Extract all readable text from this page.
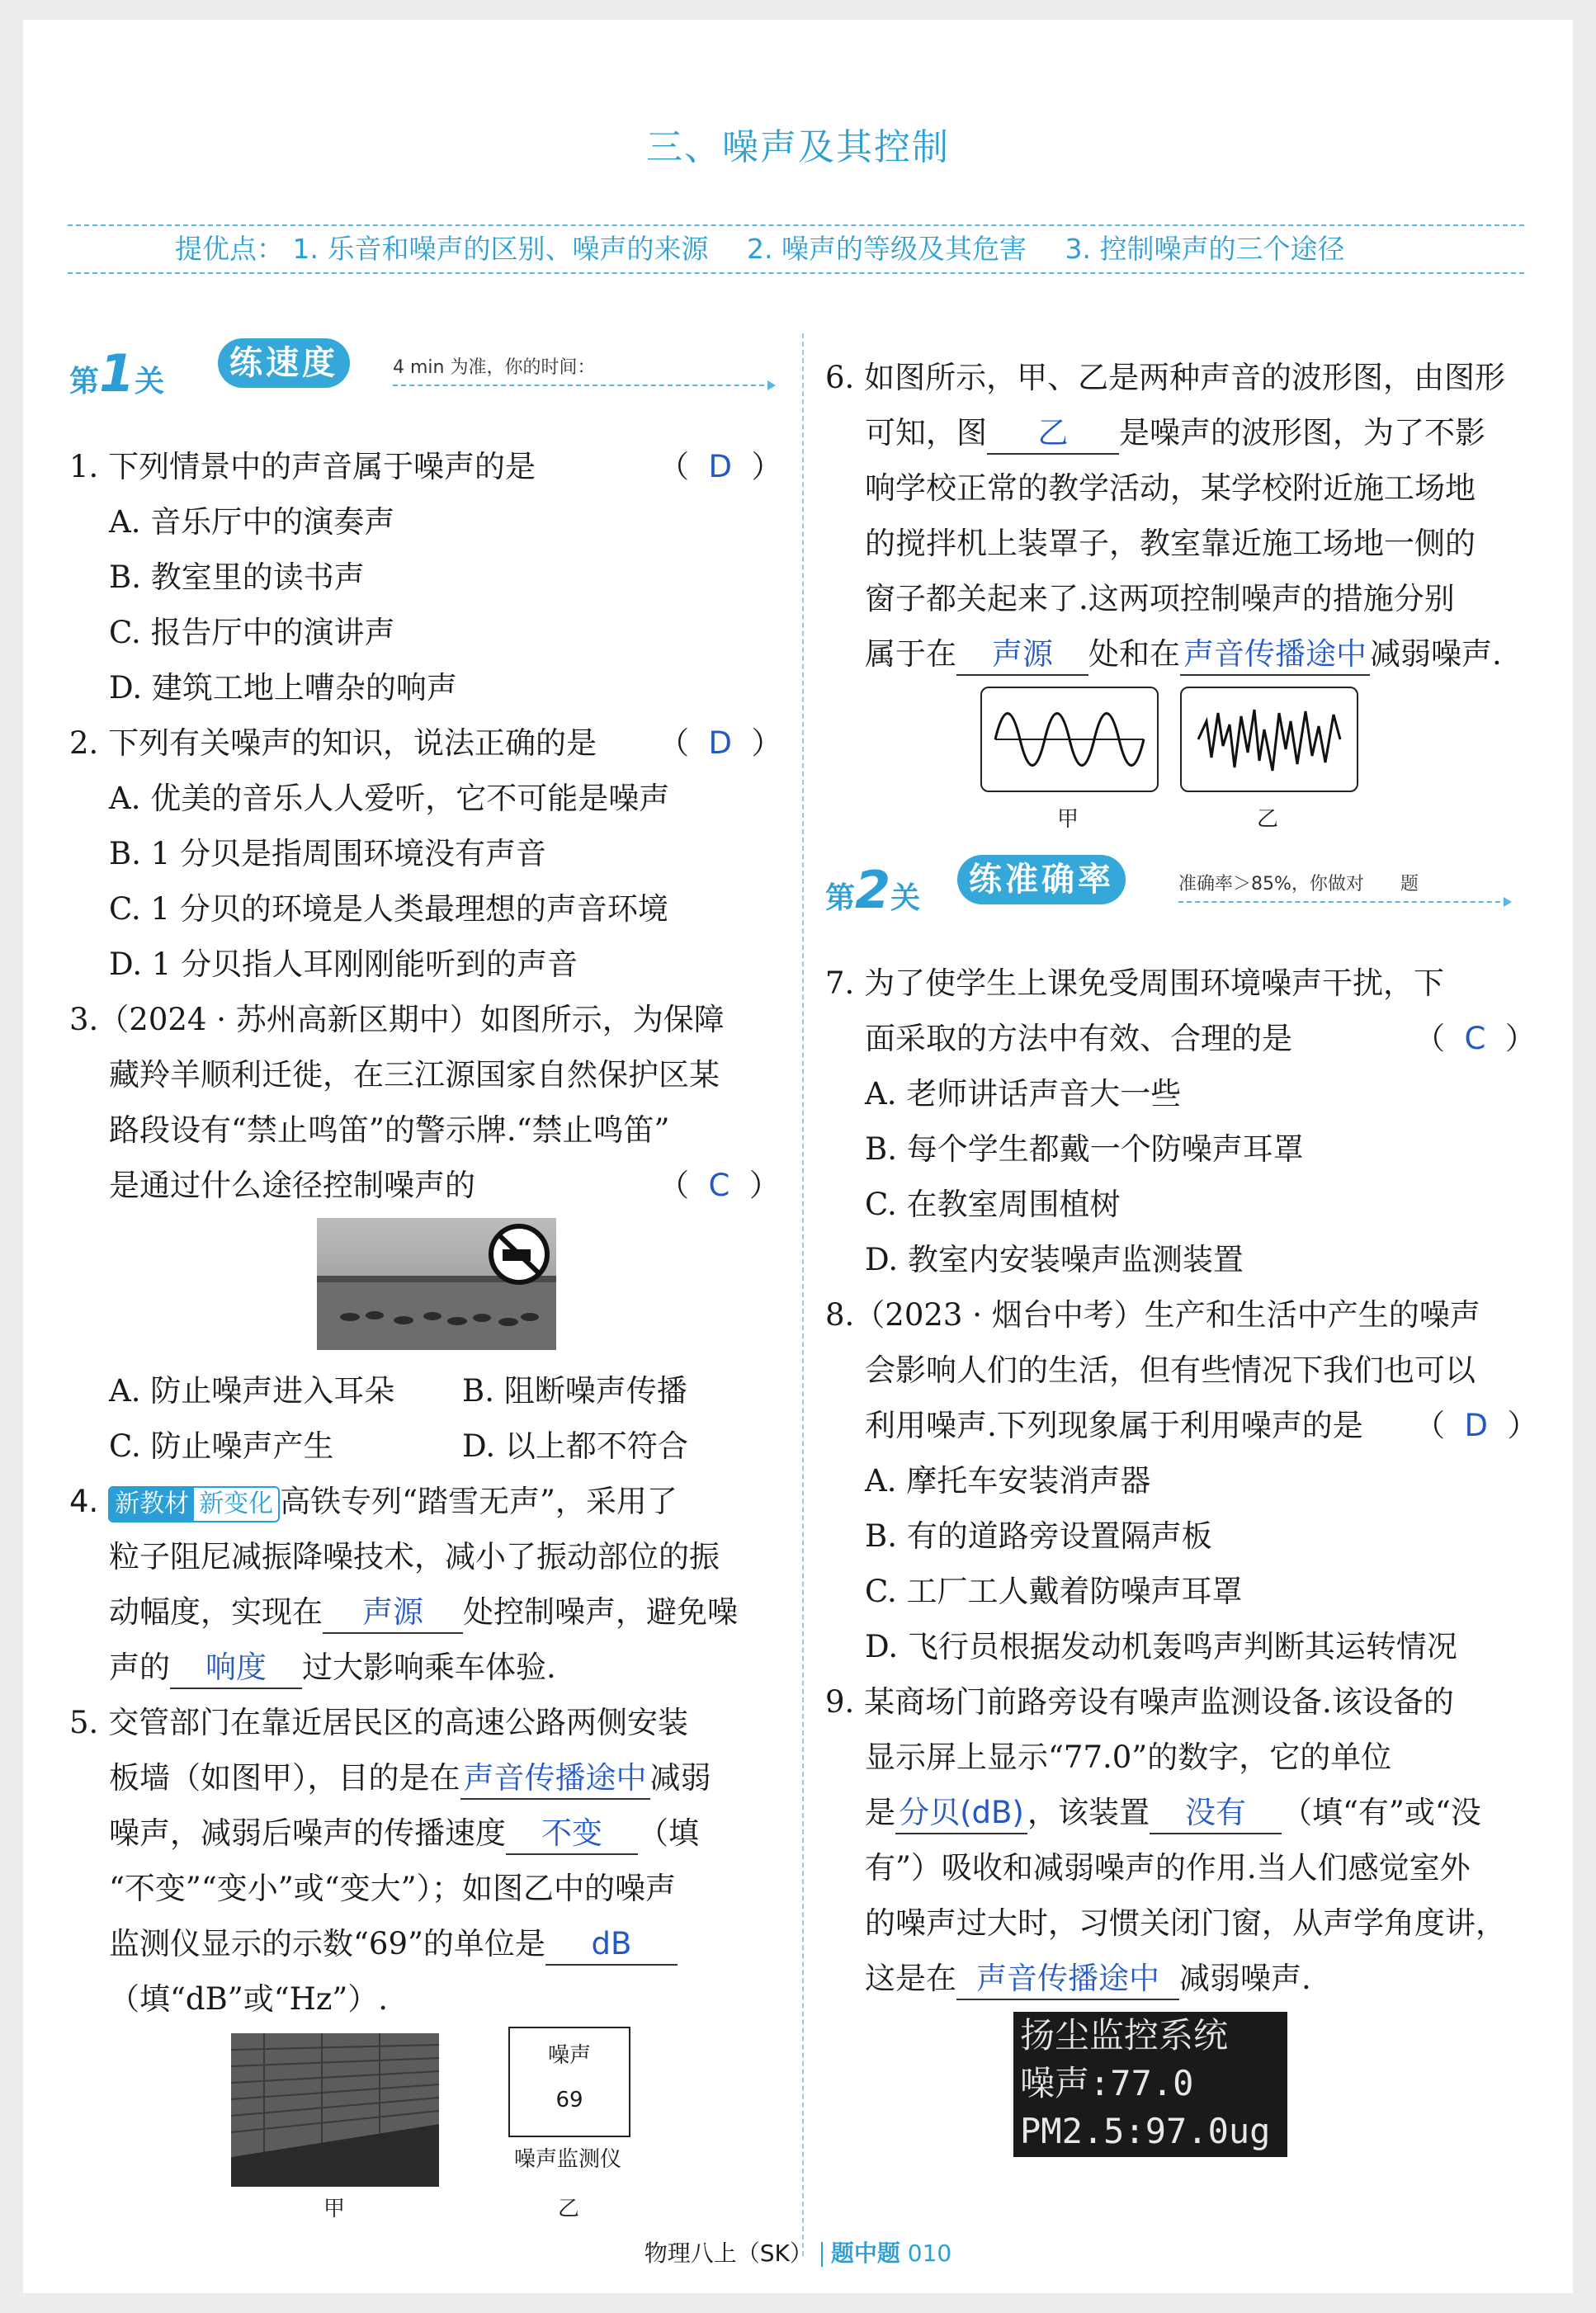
三、噪声及其控制
提优点： 1. 乐音和噪声的区别、噪声的来源 2. 噪声的等级及其危害 3. 控制噪声的三个途径
第1关	练速度	4 min 为准，你的时间：
1. 下列情景中的声音属于噪声的是	（  D  ）
A. 音乐厅中的演奏声
B. 教室里的读书声
C. 报告厅中的演讲声
D. 建筑工地上嘈杂的响声
2. 下列有关噪声的知识，说法正确的是 （  D  ）
A. 优美的音乐人人爱听，它不可能是噪声
B. 1 分贝是指周围环境没有声音
C. 1 分贝的环境是人类最理想的声音环境
D. 1 分贝指人耳刚刚能听到的声音
3.（2024 · 苏州高新区期中）如图所示，为保障
藏羚羊顺利迁徙，在三江源国家自然保护区某
路段设有“禁止鸣笛”的警示牌.“禁止鸣笛”
是通过什么途径控制噪声的	（  C  ）
A. 防止噪声进入耳朵 B. 阻断噪声传播
C. 防止噪声产生	D. 以上都不符合
4. 新教材 新变化 高铁专列“踏雪无声”，采用了
粒子阻尼减振降噪技术，减小了振动部位的振
动幅度，实现在 声源 处控制噪声，避免噪
声的 响度 过大影响乘车体验.
5. 交管部门在靠近居民区的高速公路两侧安装
板墙（如图甲），目的是在 声音传播途中 减弱
噪声，减弱后噪声的传播速度 不变 （填
“不变”“变小”或“变大”）；如图乙中的噪声
监测仪显示的示数“69”的单位是 dB
（填“dB”或“Hz”）.
甲
噪声
69
噪声监测仪
乙
6. 如图所示，甲、乙是两种声音的波形图，由图形
可知，图 乙 是噪声的波形图，为了不影
响学校正常的教学活动，某学校附近施工场地
的搅拌机上装罩子，教室靠近施工场地一侧的
窗子都关起来了.这两项控制噪声的措施分别
属于在 声源 处和在 声音传播途中 减弱噪声.
甲	乙
第2关	练准确率	准确率＞85%，你做对　　题
7. 为了使学生上课免受周围环境噪声干扰，下
面采取的方法中有效、合理的是	（  C  ）
A. 老师讲话声音大一些
B. 每个学生都戴一个防噪声耳罩
C. 在教室周围植树
D. 教室内安装噪声监测装置
8.（2023 · 烟台中考）生产和生活中产生的噪声
会影响人们的生活，但有些情况下我们也可以
利用噪声.下列现象属于利用噪声的是 （  D  ）
A. 摩托车安装消声器
B. 有的道路旁设置隔声板
C. 工厂工人戴着防噪声耳罩
D. 飞行员根据发动机轰鸣声判断其运转情况
9. 某商场门前路旁设有噪声监测设备.该设备的
显示屏上显示“77.0”的数字，它的单位
是 分贝(dB) ，该装置 没有 （填“有”或“没
有”）吸收和减弱噪声的作用.当人们感觉室外
的噪声过大时，习惯关闭门窗，从声学角度讲，
这是在 声音传播途中 减弱噪声.
扬尘监控系统
噪声:77.0
PM2.5:97.0ug
物理八上（SK） 题中题 010
